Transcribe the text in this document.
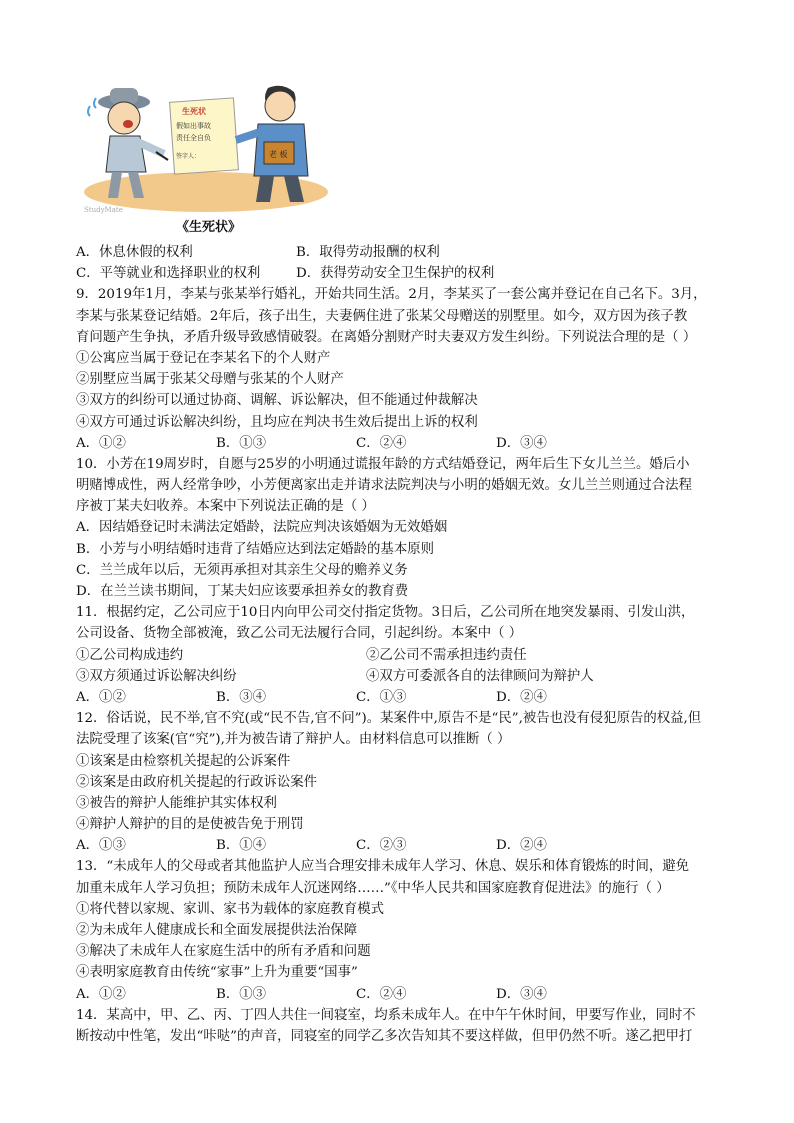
生死状
假如出事故
责任全自负
签字人：	老 板
StudyMate
《生死状》
A．休息休假的权利	B．取得劳动报酬的权利
C．平等就业和选择职业的权利	D．获得劳动安全卫生保护的权利
9．2019年1月，李某与张某举行婚礼，开始共同生活。2月，李某买了一套公寓并登记在自己名下。3月，
李某与张某登记结婚。2年后，孩子出生，夫妻俩住进了张某父母赠送的别墅里。如今，双方因为孩子教
育问题产生争执，矛盾升级导致感情破裂。在离婚分割财产时夫妻双方发生纠纷。下列说法合理的是（ ）
①公寓应当属于登记在李某名下的个人财产
②别墅应当属于张某父母赠与张某的个人财产
③双方的纠纷可以通过协商、调解、诉讼解决，但不能通过仲裁解决
④双方可通过诉讼解决纠纷，且均应在判决书生效后提出上诉的权利
A．①②	B．①③	C．②④	D．③④
10．小芳在19周岁时，自愿与25岁的小明通过谎报年龄的方式结婚登记，两年后生下女儿兰兰。婚后小
明赌博成性，两人经常争吵，小芳便离家出走并请求法院判决与小明的婚姻无效。女儿兰兰则通过合法程
序被丁某夫妇收养。本案中下列说法正确的是（ ）
A．因结婚登记时未满法定婚龄，法院应判决该婚姻为无效婚姻
B．小芳与小明结婚时违背了结婚应达到法定婚龄的基本原则
C．兰兰成年以后，无须再承担对其亲生父母的赡养义务
D．在兰兰读书期间，丁某夫妇应该要承担养女的教育费
11．根据约定，乙公司应于10日内向甲公司交付指定货物。3日后，乙公司所在地突发暴雨、引发山洪，
公司设备、货物全部被淹，致乙公司无法履行合同，引起纠纷。本案中（ ）
①乙公司构成违约	②乙公司不需承担违约责任
③双方须通过诉讼解决纠纷	④双方可委派各自的法律顾问为辩护人
A．①②	B．③④	C．①③	D．②④
12．俗话说，民不举,官不究(或“民不告,官不问”)。某案件中,原告不是“民”,被告也没有侵犯原告的权益,但
法院受理了该案(官“究”),并为被告请了辩护人。由材料信息可以推断（ ）
①该案是由检察机关提起的公诉案件
②该案是由政府机关提起的行政诉讼案件
③被告的辩护人能维护其实体权利
④辩护人辩护的目的是使被告免于刑罚
A．①③	B．①④	C．②③	D．②④
13．“未成年人的父母或者其他监护人应当合理安排未成年人学习、休息、娱乐和体育锻炼的时间，避免
加重未成年人学习负担；预防未成年人沉迷网络……”《中华人民共和国家庭教育促进法》的施行（ ）
①将代替以家规、家训、家书为载体的家庭教育模式
②为未成年人健康成长和全面发展提供法治保障
③解决了未成年人在家庭生活中的所有矛盾和问题
④表明家庭教育由传统“家事”上升为重要“国事”
A．①②	B．①③	C．②④	D．③④
14．某高中，甲、乙、丙、丁四人共住一间寝室，均系未成年人。在中午午休时间，甲要写作业，同时不
断按动中性笔，发出“咔哒”的声音，同寝室的同学乙多次告知其不要这样做，但甲仍然不听。遂乙把甲打
